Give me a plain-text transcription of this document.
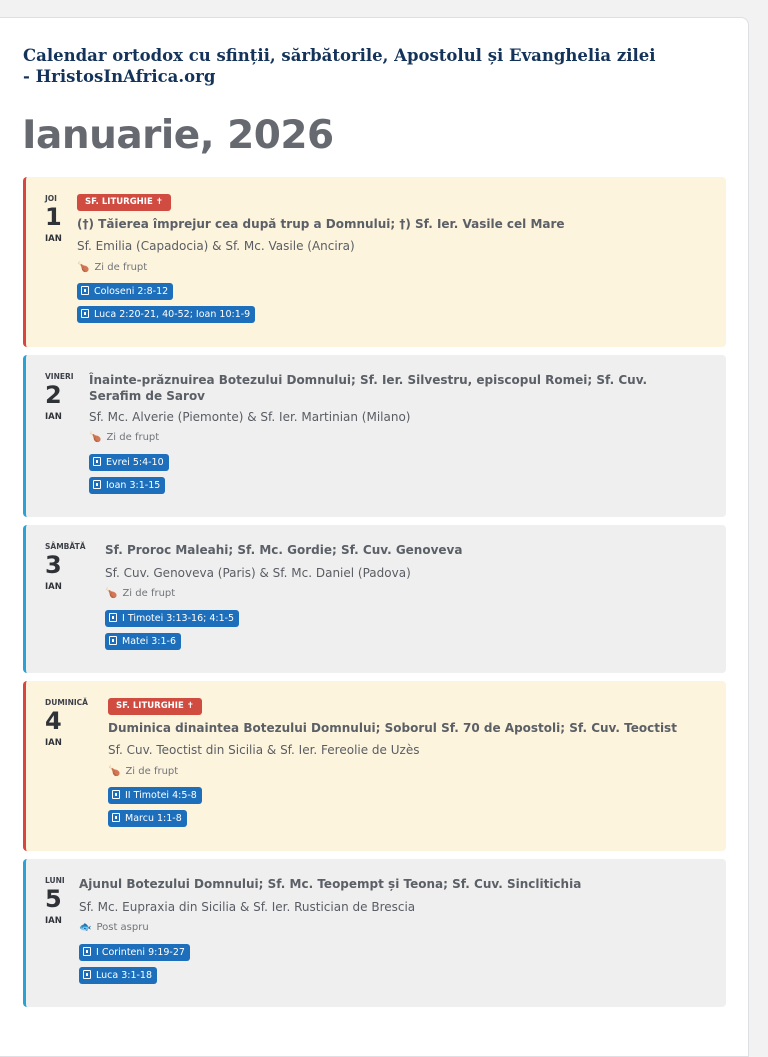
Calendar ortodox cu sfinții, sărbătorile, Apostolul și Evanghelia zilei - HristosInAfrica.org
Ianuarie, 2026
JOI
1
IAN
SF. LITURGHIE ✝
(†) Tăierea împrejur cea după trup a Domnului; †) Sf. Ier. Vasile cel Mare
Sf. Emilia (Capadocia) & Sf. Mc. Vasile (Ancira)
🍗 Zi de frupt
Coloseni 2:8-12
Luca 2:20-21, 40-52; Ioan 10:1-9
VINERI
2
IAN
Înainte-prăznuirea Botezului Domnului; Sf. Ier. Silvestru, episcopul Romei; Sf. Cuv. Serafim de Sarov
Sf. Mc. Alverie (Piemonte) & Sf. Ier. Martinian (Milano)
🍗 Zi de frupt
Evrei 5:4-10
Ioan 3:1-15
SÂMBĂTĂ
3
IAN
Sf. Proroc Maleahi; Sf. Mc. Gordie; Sf. Cuv. Genoveva
Sf. Cuv. Genoveva (Paris) & Sf. Mc. Daniel (Padova)
🍗 Zi de frupt
I Timotei 3:13-16; 4:1-5
Matei 3:1-6
DUMINICĂ
4
IAN
SF. LITURGHIE ✝
Duminica dinaintea Botezului Domnului; Soborul Sf. 70 de Apostoli; Sf. Cuv. Teoctist
Sf. Cuv. Teoctist din Sicilia & Sf. Ier. Fereolie de Uzès
🍗 Zi de frupt
II Timotei 4:5-8
Marcu 1:1-8
LUNI
5
IAN
Ajunul Botezului Domnului; Sf. Mc. Teopempt și Teona; Sf. Cuv. Sinclitichia
Sf. Mc. Eupraxia din Sicilia & Sf. Ier. Rustician de Brescia
🐟 Post aspru
I Corinteni 9:19-27
Luca 3:1-18
